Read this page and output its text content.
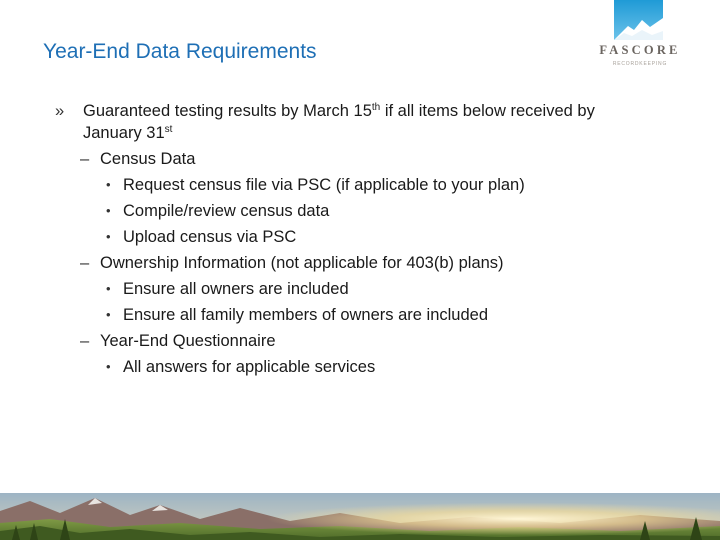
Year-End Data Requirements	FASCORE
RECORDKEEPING
» Guaranteed testing results by March 15th if all items below received by
January 31st
– Census Data
• Request census file via PSC (if applicable to your plan)
• Compile/review census data
• Upload census via PSC
– Ownership Information (not applicable for 403(b) plans)
• Ensure all owners are included
• Ensure all family members of owners are included
– Year-End Questionnaire
• All answers for applicable services
